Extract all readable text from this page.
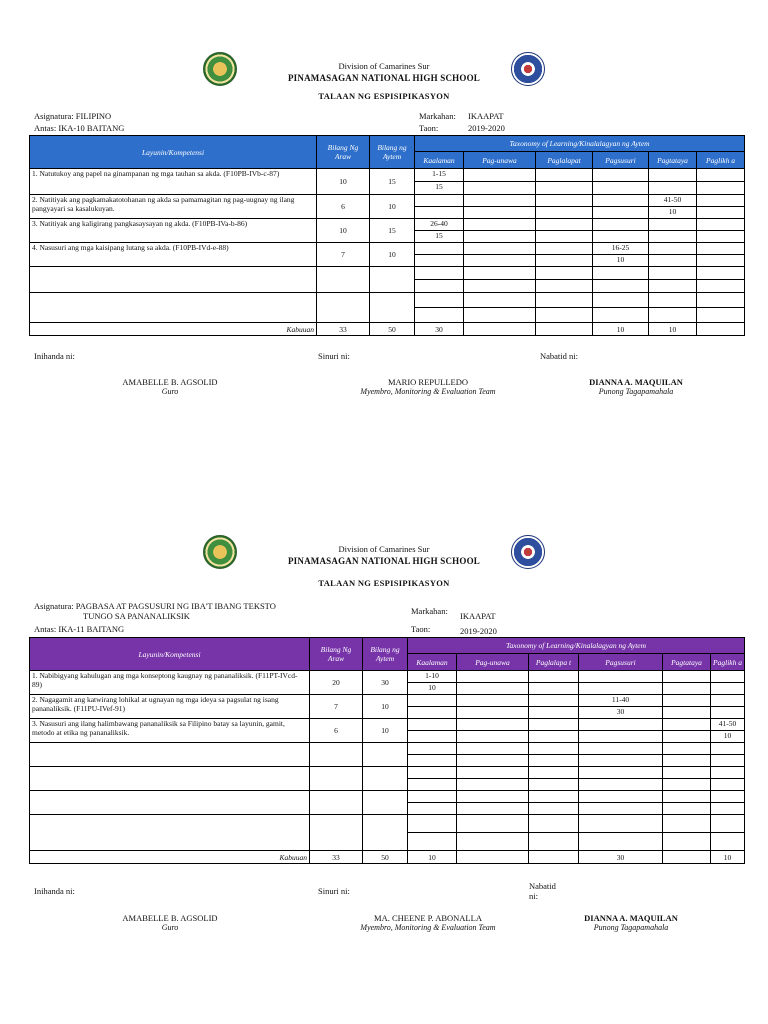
Division of Camarines Sur
PINAMASAGAN NATIONAL HIGH SCHOOL
TALAAN NG ESPISIPIKASYON
Asignatura: FILIPINO
Antas: IKA-10 BAITANG
Markahan: IKAAPAT
Taon:	2019-2020
Layunin/Kompetensi	Bilang Ng Araw	Bilang ng Aytem	Taxonomy of Learning/Kinalalagyan ng Aytem					
			Kaalaman	Pag-unawa	Paglalapat	Pagsusuri	Pagtataya	Paglikh a
1. Natutukoy ang papel na ginampanan ng mga tauhan sa akda. (F10PB-IVb-c-87)	10	15	1-15					
			15					
2. Natitiyak ang pagkamakatotohanan ng akda sa pamamagitan ng pag-uugnay ng ilang pangyayari sa kasalukuyan.	6	10					41-50	
							10	
3. Natitiyak ang kaligirang pangkasaysayan ng akda. (F10PB-IVa-b-86)	10	15	26-40					
			15					
4. Nasusuri ang mga kaisipang lutang sa akda. (F10PB-IVd-e-88)	7	10				16-25		
						10		

Kabuuan	33	50	30			10	10	
Inihanda ni:	Sinuri ni:	Nabatid ni:
AMABELLE B. AGSOLID
Guro
MARIO REPULLEDO
Myembro, Monitoring & Evaluation Team
DIANNA A. MAQUILAN
Punong Tagapamahala
Division of Camarines Sur
PINAMASAGAN NATIONAL HIGH SCHOOL
TALAAN NG ESPISIPIKASYON
Asignatura: PAGBASA AT PAGSUSURI NG IBA'T IBANG TEKSTO
TUNGO SA PANANALIKSIK
Antas: IKA-11 BAITANG
Markahan: IKAAPAT
Taon:	2019-2020
Layunin/Kompetensi	Bilang Ng Araw	Bilang ng Aytem	Taxonomy of Learning/Kinalalagyan ng Aytem					
			Kaalaman	Pag-unawa	Paglalapa t	Pagsusuri	Pagtataya	Paglikh a
1. Nabibigyang kahulugan ang mga konseptong kaugnay ng pananaliksik. (F11PT-IVcd-89)	20	30	1-10					
			10					
2. Nagagamit ang katwirang lohikal at ugnayan ng mga ideya sa pagsulat ng isang pananaliksik. (F11PU-IVef-91)	7	10				11-40		
						30		
3. Nasusuri ang ilang halimbawang pananaliksik sa Filipino batay sa layunin, gamit, metodo at etika ng pananaliksik.	6	10						41-50
								10

Kabuuan	33	50	10			30		10
Inihanda ni:	Sinuri ni:	Nabatid ni:
AMABELLE B. AGSOLID
Guro
MA. CHEENE P. ABONALLA
Myembro, Monitoring & Evaluation Team
DIANNA A. MAQUILAN
Punong Tagapamahala
